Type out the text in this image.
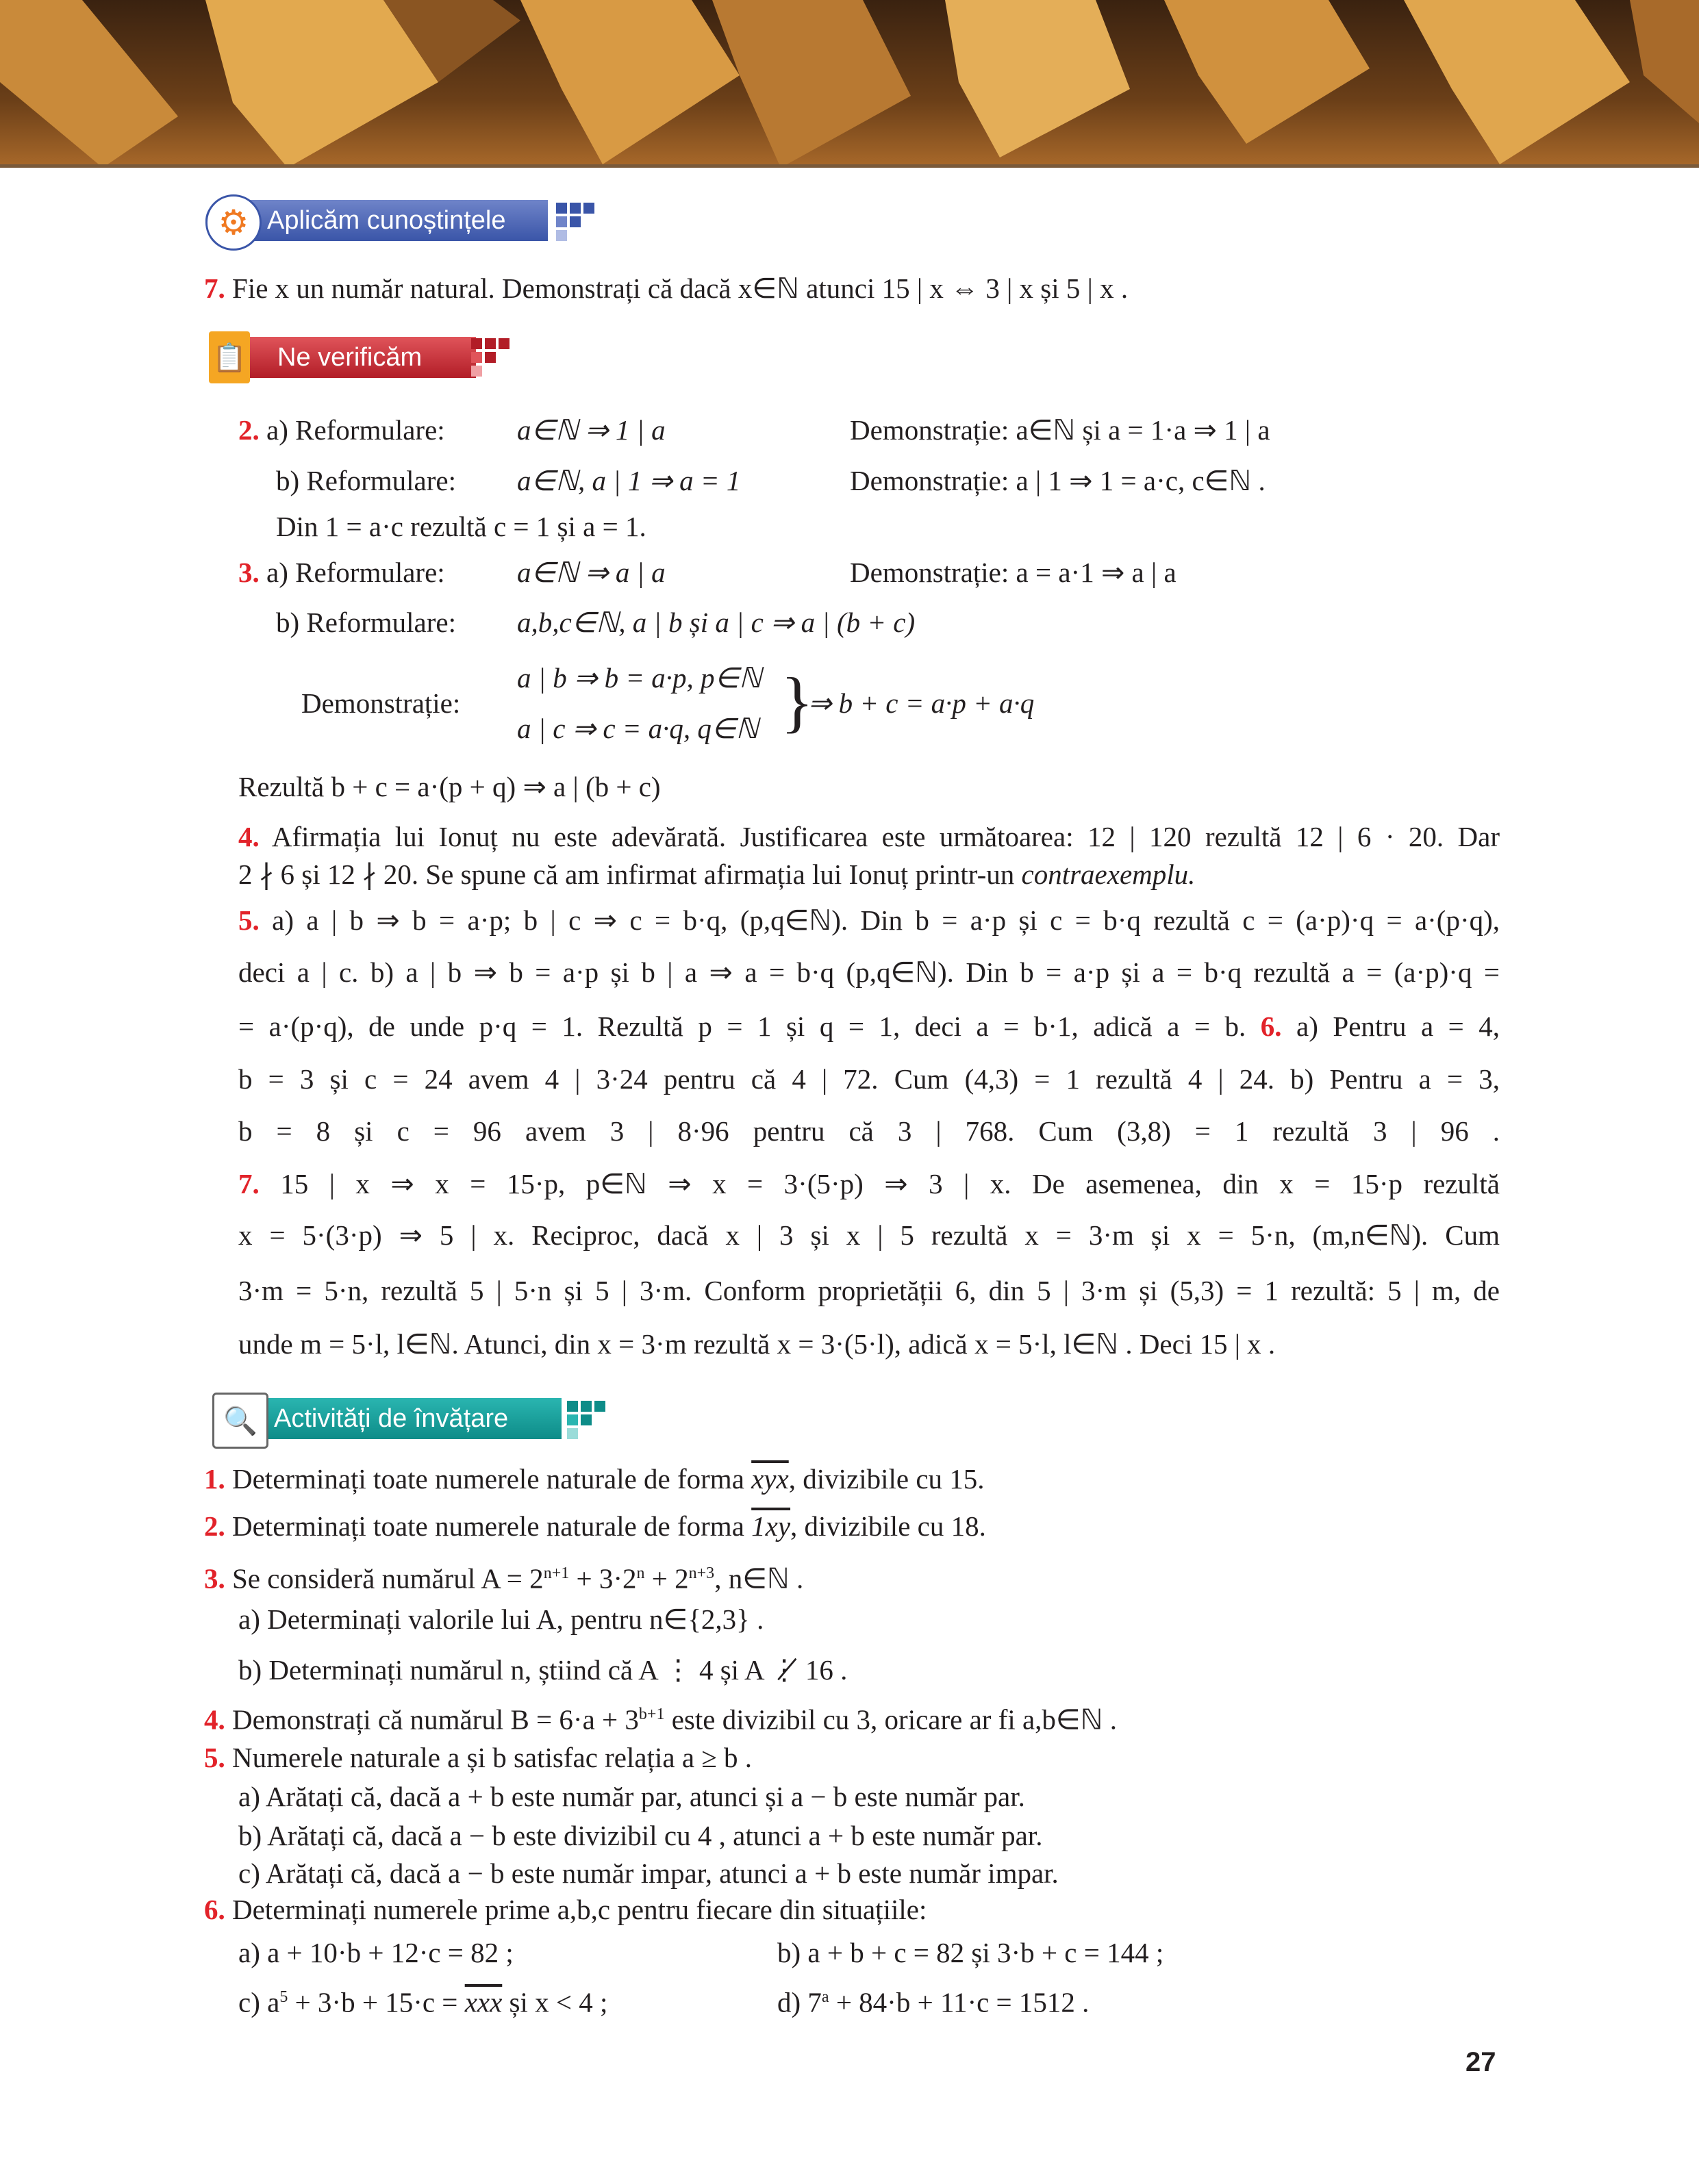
⚙ Aplicăm cunoștințele
7. Fie x un număr natural. Demonstrați că dacă x∈ℕ atunci 15 | x ⇔ 3 | x și 5 | x .
📋 Ne verificăm
2. a) Reformulare:	a∈ℕ ⇒ 1 | a	Demonstrație: a∈ℕ și a = 1·a ⇒ 1 | a
b) Reformulare: a∈ℕ, a | 1 ⇒ a = 1	Demonstrație: a | 1 ⇒ 1 = a·c, c∈ℕ .
Din 1 = a·c rezultă c = 1 și a = 1.
3. a) Reformulare:	a∈ℕ ⇒ a | a	Demonstrație: a = a·1 ⇒ a | a
b) Reformulare: a,b,c∈ℕ, a | b și a | c ⇒ a | (b + c)
Demonstrație:
a | b ⇒ b = a·p, p∈ℕ
a | c ⇒ c = a·q, q∈ℕ }
⇒ b + c = a·p + a·q
Rezultă b + c = a·(p + q) ⇒ a | (b + c)
4. Afirmația lui Ionuț nu este adevărată. Justificarea este următoarea: 12 | 120 rezultă 12 | 6 · 20. Dar
2 ∤ 6 și 12 ∤ 20. Se spune că am infirmat afirmația lui Ionuț printr-un contraexemplu.
5. a) a | b ⇒ b = a·p; b | c ⇒ c = b·q, (p,q∈ℕ). Din b = a·p și c = b·q rezultă c = (a·p)·q = a·(p·q),
deci a | c. b) a | b ⇒ b = a·p și b | a ⇒ a = b·q (p,q∈ℕ). Din b = a·p și a = b·q rezultă a = (a·p)·q =
= a·(p·q), de unde p·q = 1. Rezultă p = 1 și q = 1, deci a = b·1, adică a = b. 6. a) Pentru a = 4,
b = 3 și c = 24 avem 4 | 3·24 pentru că 4 | 72. Cum (4,3) = 1 rezultă 4 | 24. b) Pentru a = 3,
b = 8 și c = 96 avem 3 | 8·96 pentru că 3 | 768. Cum (3,8) = 1 rezultă 3 | 96 .
7. 15 | x ⇒ x = 15·p, p∈ℕ ⇒ x = 3·(5·p) ⇒ 3 | x. De asemenea, din x = 15·p rezultă
x = 5·(3·p) ⇒ 5 | x. Reciproc, dacă x | 3 și x | 5 rezultă x = 3·m și x = 5·n, (m,n∈ℕ). Cum
3·m = 5·n, rezultă 5 | 5·n și 5 | 3·m. Conform proprietății 6, din 5 | 3·m și (5,3) = 1 rezultă: 5 | m, de
unde m = 5·l, l∈ℕ. Atunci, din x = 3·m rezultă x = 3·(5·l), adică x = 5·l, l∈ℕ . Deci 15 | x .
🔍 Activități de învățare
1. Determinați toate numerele naturale de forma $\overline{xyx}$, divizibile cu 15.
2. Determinați toate numerele naturale de forma 1xy, divizibile cu 18.
3. Se consideră numărul $A = 2^{n+1} + 3\cdot 2^n + 2^{n+3}$, n∈ℕ .
a) Determinați valorile lui A, pentru n∈{2,3} .
b) Determinați numărul n, știind că A ⋮ 4 și A ⋮̸ 16 .
4. Demonstrați că numărul $B = 6\cdot a + 3^{b+1}$ este divizibil cu 3, oricare ar fi a,b∈ℕ .
5. Numerele naturale a și b satisfac relația a ≥ b .
a) Arătați că, dacă a + b este număr par, atunci și a − b este număr par.
b) Arătați că, dacă a − b este divizibil cu 4 , atunci a + b este număr par.
c) Arătați că, dacă a − b este număr impar, atunci a + b este număr impar.
6. Determinați numerele prime a,b,c pentru fiecare din situațiile:
a) a + 10·b + 12·c = 82 ;	b) a + b + c = 82 și 3·b + c = 144 ;
c) $a^5 + 3\cdot b + 15\cdot c = \overline{xxx}$ și x < 4 ;	d) $7^a + 84\cdot b + 11\cdot c = 1512$ .
27
